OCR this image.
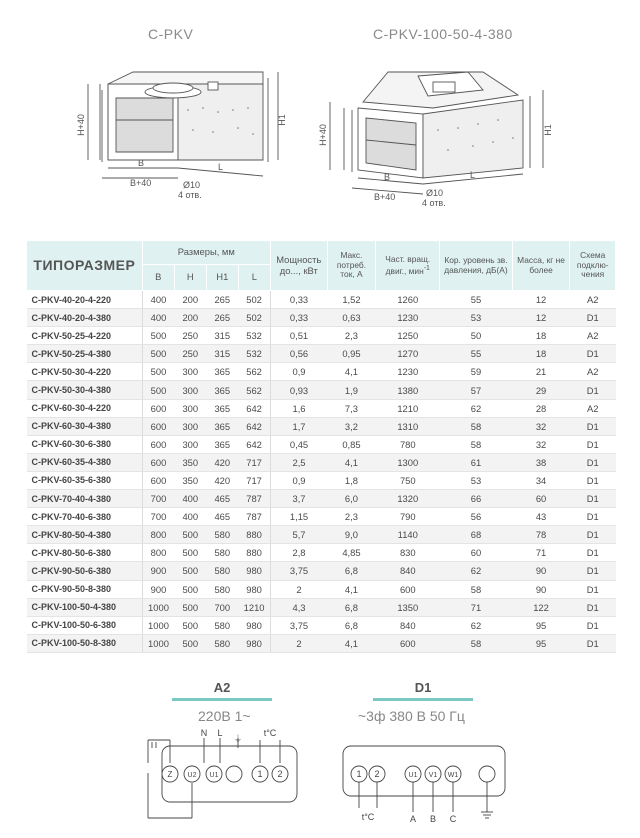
C-PKV	C-PKV-100-50-4-380
H+40	H1
B
B+40
L
Ø10
4 отв.
H+40	H1
B
B+40
L
Ø10
4 отв.
ТИПОРАЗМЕР	Размеры, мм				Мощность до..., кВт	Макс. потреб. ток, А	Част. вращ. двиг., мин$^{-1}$	Кор. уровень зв. давления, дБ(А)	Масса, кг не более	Схема подклю-чения
	B	H	H1	L						
C-PKV-40-20-4-220	400	200	265	502	0,33	1,52	1260	55	12	A2
C-PKV-40-20-4-380	400	200	265	502	0,33	0,63	1230	53	12	D1
C-PKV-50-25-4-220	500	250	315	532	0,51	2,3	1250	50	18	A2
C-PKV-50-25-4-380	500	250	315	532	0,56	0,95	1270	55	18	D1
C-PKV-50-30-4-220	500	300	365	562	0,9	4,1	1230	59	21	A2
C-PKV-50-30-4-380	500	300	365	562	0,93	1,9	1380	57	29	D1
C-PKV-60-30-4-220	600	300	365	642	1,6	7,3	1210	62	28	A2
C-PKV-60-30-4-380	600	300	365	642	1,7	3,2	1310	58	32	D1
C-PKV-60-30-6-380	600	300	365	642	0,45	0,85	780	58	32	D1
C-PKV-60-35-4-380	600	350	420	717	2,5	4,1	1300	61	38	D1
C-PKV-60-35-6-380	600	350	420	717	0,9	1,8	750	53	34	D1
C-PKV-70-40-4-380	700	400	465	787	3,7	6,0	1320	66	60	D1
C-PKV-70-40-6-380	700	400	465	787	1,15	2,3	790	56	43	D1
C-PKV-80-50-4-380	800	500	580	880	5,7	9,0	1140	68	78	D1
C-PKV-80-50-6-380	800	500	580	880	2,8	4,85	830	60	71	D1
C-PKV-90-50-6-380	900	500	580	980	3,75	6,8	840	62	90	D1
C-PKV-90-50-8-380	900	500	580	980	2	4,1	600	58	90	D1
C-PKV-100-50-4-380	1000	500	700	1210	4,3	6,8	1350	71	122	D1
C-PKV-100-50-6-380	1000	500	580	980	3,75	6,8	840	62	95	D1
C-PKV-100-50-8-380	1000	500	580	980	2	4,1	600	58	95	D1
A2	D1
220В 1~	~3ф 380 В 50 Гц
N L
⏚
t°C
Z U2 U1	1 2	1 2	U1 V1 W1
t°C	A B C
